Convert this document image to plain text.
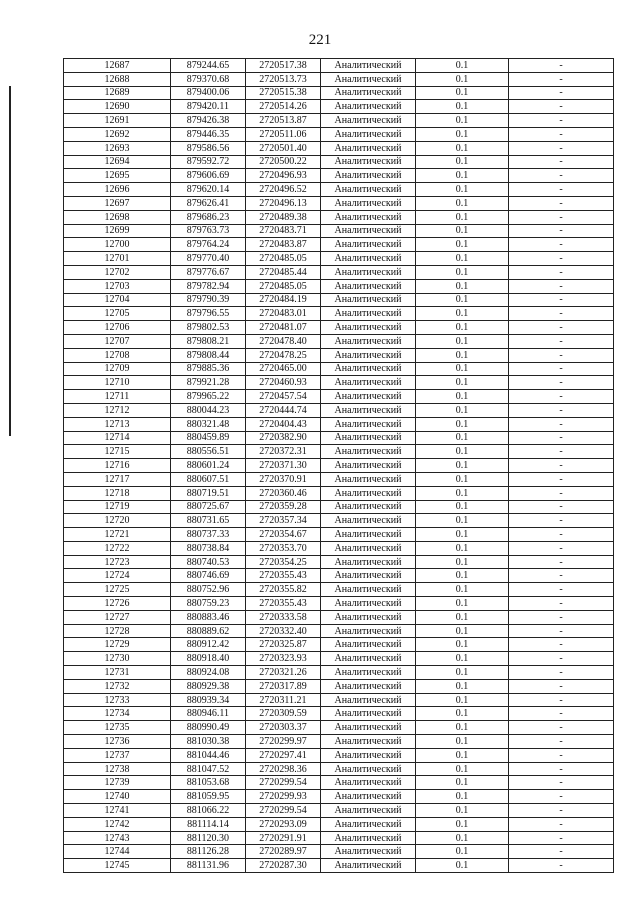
221
12687	879244.65	2720517.38	Аналитический	0.1	-
12688	879370.68	2720513.73	Аналитический	0.1	-
12689	879400.06	2720515.38	Аналитический	0.1	-
12690	879420.11	2720514.26	Аналитический	0.1	-
12691	879426.38	2720513.87	Аналитический	0.1	-
12692	879446.35	2720511.06	Аналитический	0.1	-
12693	879586.56	2720501.40	Аналитический	0.1	-
12694	879592.72	2720500.22	Аналитический	0.1	-
12695	879606.69	2720496.93	Аналитический	0.1	-
12696	879620.14	2720496.52	Аналитический	0.1	-
12697	879626.41	2720496.13	Аналитический	0.1	-
12698	879686.23	2720489.38	Аналитический	0.1	-
12699	879763.73	2720483.71	Аналитический	0.1	-
12700	879764.24	2720483.87	Аналитический	0.1	-
12701	879770.40	2720485.05	Аналитический	0.1	-
12702	879776.67	2720485.44	Аналитический	0.1	-
12703	879782.94	2720485.05	Аналитический	0.1	-
12704	879790.39	2720484.19	Аналитический	0.1	-
12705	879796.55	2720483.01	Аналитический	0.1	-
12706	879802.53	2720481.07	Аналитический	0.1	-
12707	879808.21	2720478.40	Аналитический	0.1	-
12708	879808.44	2720478.25	Аналитический	0.1	-
12709	879885.36	2720465.00	Аналитический	0.1	-
12710	879921.28	2720460.93	Аналитический	0.1	-
12711	879965.22	2720457.54	Аналитический	0.1	-
12712	880044.23	2720444.74	Аналитический	0.1	-
12713	880321.48	2720404.43	Аналитический	0.1	-
12714	880459.89	2720382.90	Аналитический	0.1	-
12715	880556.51	2720372.31	Аналитический	0.1	-
12716	880601.24	2720371.30	Аналитический	0.1	-
12717	880607.51	2720370.91	Аналитический	0.1	-
12718	880719.51	2720360.46	Аналитический	0.1	-
12719	880725.67	2720359.28	Аналитический	0.1	-
12720	880731.65	2720357.34	Аналитический	0.1	-
12721	880737.33	2720354.67	Аналитический	0.1	-
12722	880738.84	2720353.70	Аналитический	0.1	-
12723	880740.53	2720354.25	Аналитический	0.1	-
12724	880746.69	2720355.43	Аналитический	0.1	-
12725	880752.96	2720355.82	Аналитический	0.1	-
12726	880759.23	2720355.43	Аналитический	0.1	-
12727	880883.46	2720333.58	Аналитический	0.1	-
12728	880889.62	2720332.40	Аналитический	0.1	-
12729	880912.42	2720325.87	Аналитический	0.1	-
12730	880918.40	2720323.93	Аналитический	0.1	-
12731	880924.08	2720321.26	Аналитический	0.1	-
12732	880929.38	2720317.89	Аналитический	0.1	-
12733	880939.34	2720311.21	Аналитический	0.1	-
12734	880946.11	2720309.59	Аналитический	0.1	-
12735	880990.49	2720303.37	Аналитический	0.1	-
12736	881030.38	2720299.97	Аналитический	0.1	-
12737	881044.46	2720297.41	Аналитический	0.1	-
12738	881047.52	2720298.36	Аналитический	0.1	-
12739	881053.68	2720299.54	Аналитический	0.1	-
12740	881059.95	2720299.93	Аналитический	0.1	-
12741	881066.22	2720299.54	Аналитический	0.1	-
12742	881114.14	2720293.09	Аналитический	0.1	-
12743	881120.30	2720291.91	Аналитический	0.1	-
12744	881126.28	2720289.97	Аналитический	0.1	-
12745	881131.96	2720287.30	Аналитический	0.1	-
